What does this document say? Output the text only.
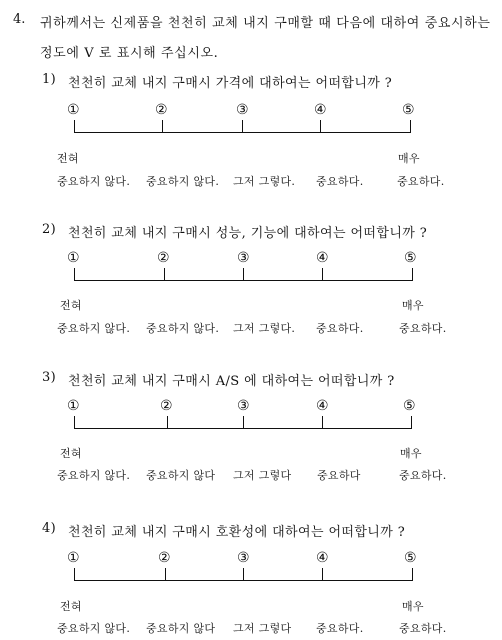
4. 귀하께서는 신제품을 천천히 교체 내지 구매할 때 다음에 대하여 중요시하는
정도에 V 로 표시해 주십시오.
1) 천천히 교체 내지 구매시 가격에 대하여는 어떠합니까 ?
①	②	③	④	⑤
전혀	매우
중요하지 않다. 중요하지 않다. 그저 그렇다. 중요하다.	중요하다.
2) 천천히 교체 내지 구매시 성능, 기능에 대하여는 어떠합니까 ?
①	②	③	④	⑤
전혀	매우
중요하지 않다. 중요하지 않다. 그저 그렇다. 중요하다.	중요하다.
3) 천천히 교체 내지 구매시 A/S 에 대하여는 어떠합니까 ?
①	②	③	④	⑤
전혀	매우
중요하지 않다. 중요하지 않다 그저 그렇다 중요하다	중요하다.
4) 천천히 교체 내지 구매시 호환성에 대하여는 어떠합니까 ?
①	②	③	④	⑤
전혀	매우
중요하지 않다. 중요하지 않다 그저 그렇다 중요하다.	중요하다.
